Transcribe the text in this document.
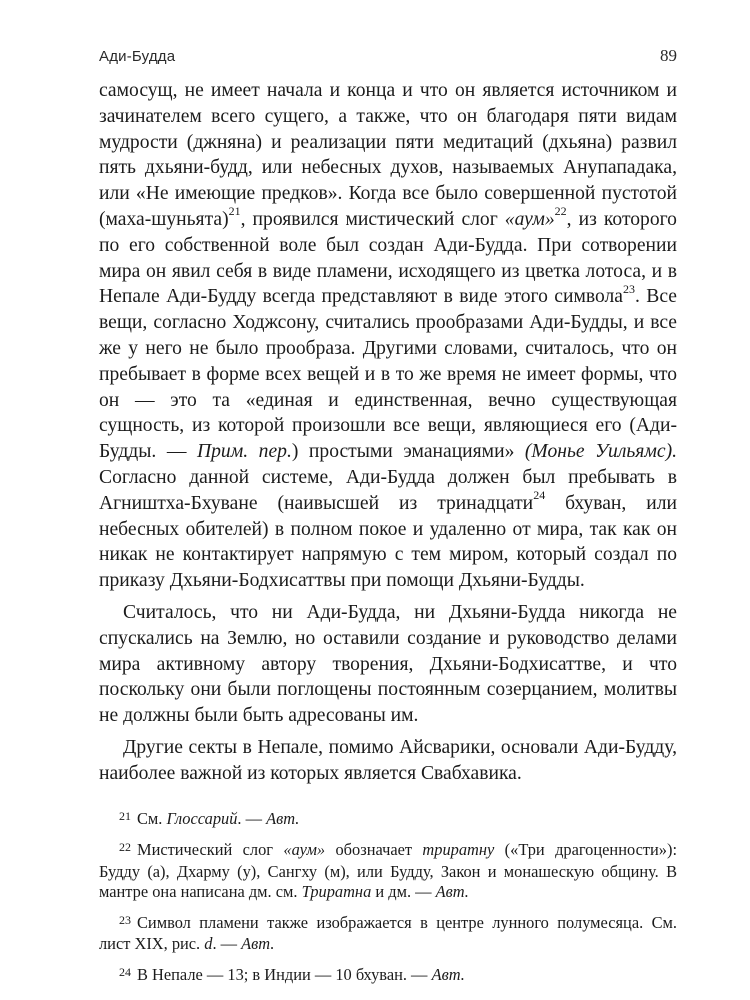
Ади-Будда	89

самосущ, не имеет начала и конца и что он является источником и зачинателем всего сущего, а также, что он благодаря пяти видам мудрости (джняна) и реализации пяти медитаций (дхьяна) развил пять дхьяни-будд, или небесных духов, называемых Анупападака, или «Не имеющие предков». Когда все было совершенной пустотой (маха-шуньята)$^{21}$, проявился мистический слог «аум»$^{22}$, из которого по его собственной воле был создан Ади-Будда. При сотворении мира он явил себя в виде пламени, исходящего из цветка лотоса, и в Непале Ади-Будду всегда представляют в виде этого символа$^{23}$. Все вещи, согласно Ходжсону, считались прообразами Ади-Будды, и все же у него не было прообраза. Другими словами, считалось, что он пребывает в форме всех вещей и в то же время не имеет формы, что он — это та «единая и единственная, вечно существующая сущность, из которой произошли все вещи, являющиеся его (Ади-Будды. — Прим. пер.) простыми эманациями» (Монье Уильямс). Согласно данной системе, Ади-Будда должен был пребывать в Агништха-Бхуване (наивысшей из тринадцати$^{24}$ бхуван, или небесных обителей) в полном покое и удаленно от мира, так как он никак не контактирует напрямую с тем миром, который создал по приказу Дхьяни-Бодхисаттвы при помощи Дхьяни-Будды.

Считалось, что ни Ади-Будда, ни Дхьяни-Будда никогда не спускались на Землю, но оставили создание и руководство делами мира активному автору творения, Дхьяни-Бодхисаттве, и что поскольку они были поглощены постоянным созерцанием, молитвы не должны были быть адресованы им.

Другие секты в Непале, помимо Айсварики, основали Ади-Будду, наиболее важной из которых является Свабхавика.

$^{21}$ См. Глоссарий. — Авт.

$^{22}$ Мистический слог «аум» обозначает триратну («Три драгоценности»): Будду (а), Дхарму (у), Сангху (м), или Будду, Закон и монашескую общину. В мантре она написана дм. см. Триратна и дм. — Авт.

$^{23}$ Символ пламени также изображается в центре лунного полумесяца. См. лист XIX, рис. d. — Авт.

$^{24}$ В Непале — 13; в Индии — 10 бхуван. — Авт.
